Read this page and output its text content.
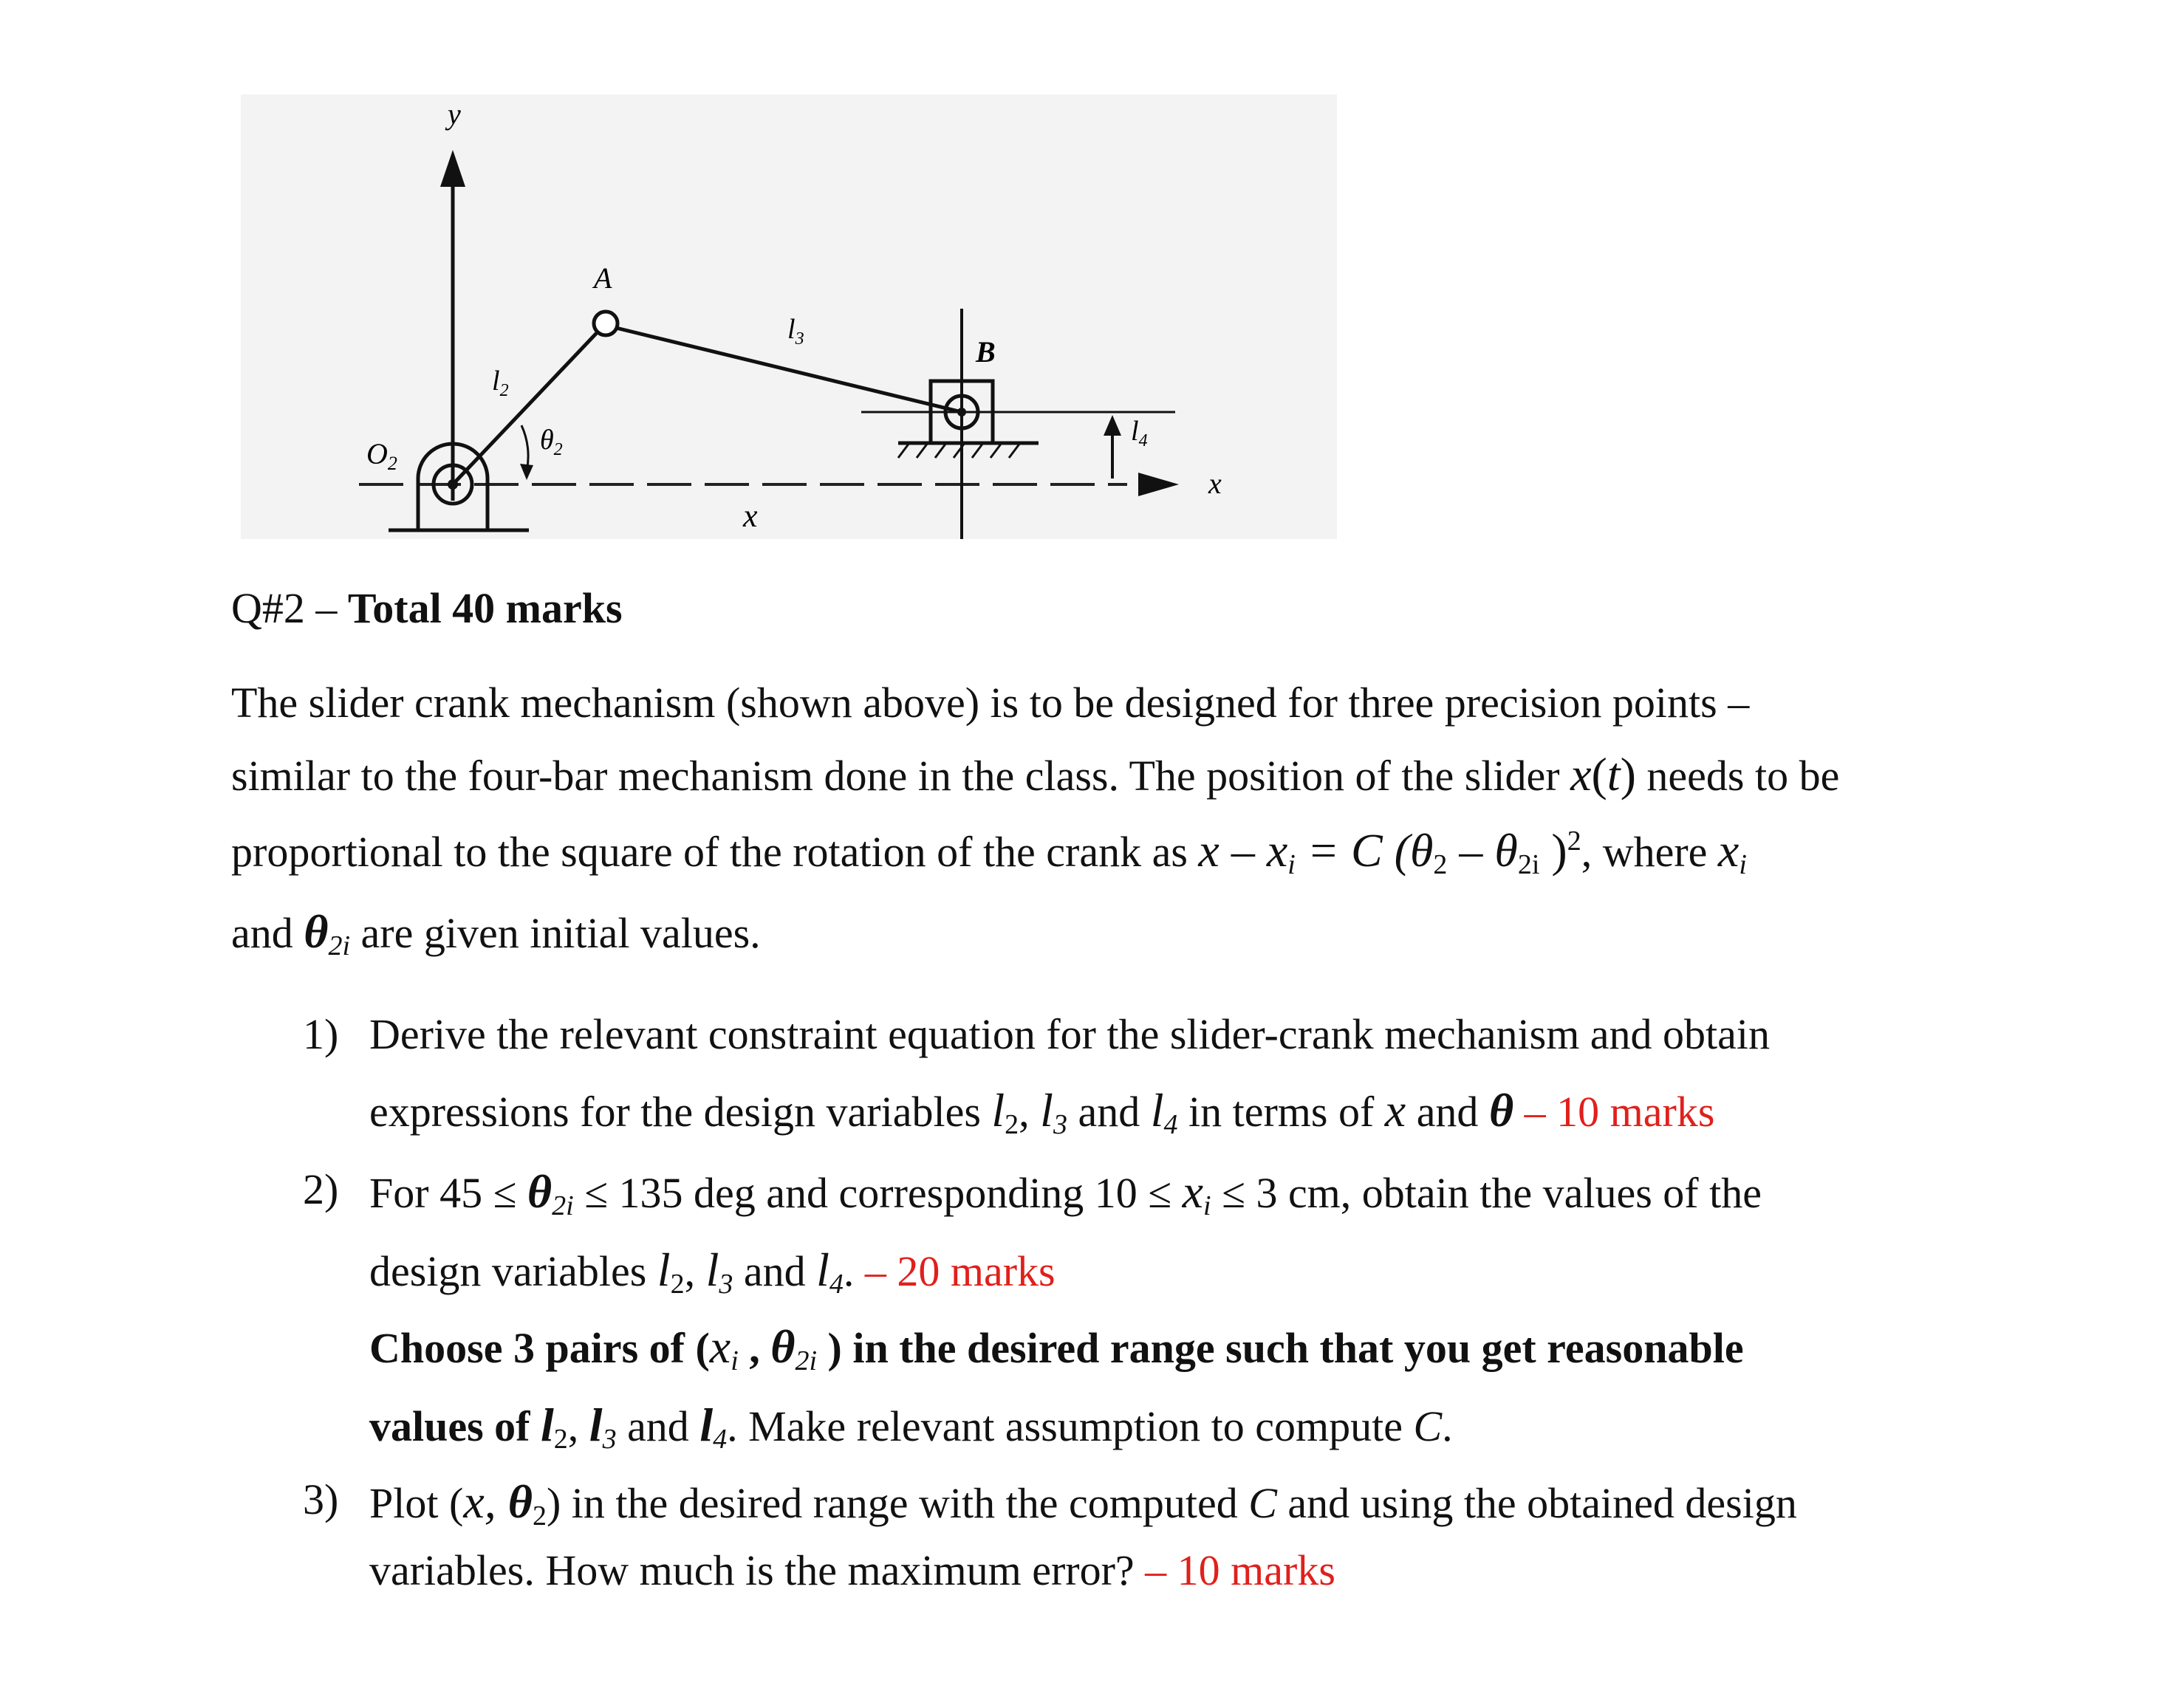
y
x
x
$O_2$
$l_2$
$\theta_2$
A
$l_3$	B
$l_4$
Q#2 – Total 40 marks
The slider crank mechanism (shown above) is to be designed for three precision points –
similar to the four-bar mechanism done in the class. The position of the slider x(t) needs to be
proportional to the square of the rotation of the crank as $x - x_i = C$ ($\theta_2 - \theta_{2i}$ )$^2$, where $x_i$
and $\theta_{2i}$ are given initial values.
1) Derive the relevant constraint equation for the slider-crank mechanism and obtain
expressions for the design variables $l_2$, $l_3$ and $l_4$ in terms of x and θ – 10 marks
2) For $45 \le \theta_{2i} \le 135$ deg and corresponding $10 \le x_i \le 3$ cm, obtain the values of the
design variables $l_2$, $l_3$ and $l_4$. – 20 marks
Choose 3 pairs of ($x_i$ , $\theta_{2i}$ ) in the desired range such that you get reasonable
values of $l_2$, $l_3$ and $l_4$. Make relevant assumption to compute C.
3) Plot (x, $\theta_2$) in the desired range with the computed C and using the obtained design
variables. How much is the maximum error? – 10 marks
